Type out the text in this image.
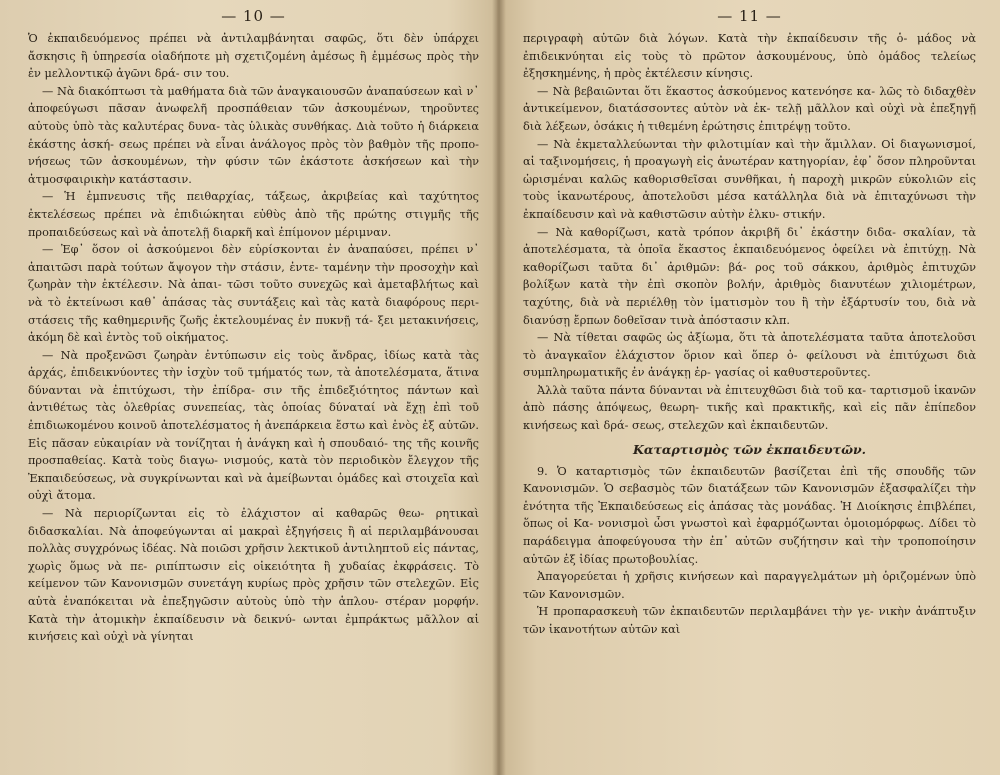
— 10 —

Ὁ ἐκπαιδευόμενος πρέπει νὰ ἀντιλαμβάνηται σαφῶς, ὅτι δὲν ὑπάρχει ἄσκησις ἢ ὑπηρεσία οἱαδήποτε μὴ σχετιζομένη ἀμέσως ἢ ἐμμέσως πρὸς τὴν ἐν μελλοντικῷ ἀγῶνι δρά- σιν του.

— Νὰ διακόπτωσι τὰ μαθήματα διὰ τῶν ἀναγκαιουσῶν ἀναπαύσεων καὶ ν᾿ ἀποφεύγωσι πᾶσαν ἀνωφελῆ προσπάθειαν τῶν ἀσκουμένων, τηροῦντες αὐτοὺς ὑπὸ τὰς καλυτέρας δυνα- τὰς ὑλικὰς συνθήκας. Διὰ τοῦτο ἡ διάρκεια ἑκάστης ἀσκή- σεως πρέπει νὰ εἶναι ἀνάλογος πρὸς τὸν βαθμὸν τῆς προπο- νήσεως τῶν ἀσκουμένων, τὴν φύσιν τῶν ἑκάστοτε ἀσκήσεων καὶ τὴν ἀτμοσφαιρικὴν κατάστασιν.

— Ἡ ἐμπνευσις τῆς πειθαρχίας, τάξεως, ἀκριβείας καὶ ταχύτητος ἐκτελέσεως πρέπει νὰ ἐπιδιώκηται εὐθὺς ἀπὸ τῆς πρώτης στιγμῆς τῆς προπαιδεύσεως καὶ νὰ ἀποτελῇ διαρκῆ καὶ ἐπίμονον μέριμναν.

— Ἐφ᾿ ὅσον οἱ ἀσκούμενοι δὲν εὑρίσκονται ἐν ἀναπαύσει, πρέπει ν᾿ ἀπαιτῶσι παρὰ τούτων ἄψογον τὴν στάσιν, ἐντε- ταμένην τὴν προσοχὴν καὶ ζωηρὰν τὴν ἐκτέλεσιν. Νὰ ἀπαι- τῶσι τοῦτο συνεχῶς καὶ ἀμεταβλήτως καὶ νὰ τὸ ἐκτείνωσι καθ᾿ ἁπάσας τὰς συντάξεις καὶ τὰς κατὰ διαφόρους περι- στάσεις τῆς καθημερινῆς ζωῆς ἐκτελουμένας ἐν πυκνῇ τά- ξει μετακινήσεις, ἀκόμη δὲ καὶ ἐντὸς τοῦ οἰκήματος.

— Νὰ προξενῶσι ζωηρὰν ἐντύπωσιν εἰς τοὺς ἄνδρας, ἰδίως κατὰ τὰς ἀρχάς, ἐπιδεικνύοντες τὴν ἰσχὺν τοῦ τμήματός των, τὰ ἀποτελέσματα, ἅτινα δύνανται νὰ ἐπιτύχωσι, τὴν ἐπίδρα- σιν τῆς ἐπιδεξιότητος πάντων καὶ ἀντιθέτως τὰς ὀλεθρίας συνεπείας, τὰς ὁποίας δύναταί νὰ ἔχῃ ἐπὶ τοῦ ἐπιδιωκομένου κοινοῦ ἀποτελέσματος ἡ ἀνεπάρκεια ἔστω καὶ ἑνὸς ἐξ αὐτῶν. Εἰς πᾶσαν εὐκαιρίαν νὰ τονίζηται ἡ ἀνάγκη καὶ ἡ σπουδαιό- της τῆς κοινῆς προσπαθείας. Κατὰ τοὺς διαγω- νισμούς, κατὰ τὸν περιοδικὸν ἔλεγχον τῆς Ἐκπαιδεύσεως, νὰ συγκρίνωνται καὶ νὰ ἀμείβωνται ὁμάδες καὶ στοιχεῖα καὶ οὐχὶ ἄτομα.

— Νὰ περιορίζωνται εἰς τὸ ἐλάχιστον αἱ καθαρῶς θεω- ρητικαὶ διδασκαλίαι. Νὰ ἀποφεύγωνται αἱ μακραὶ ἐξηγήσεις ἢ αἱ περιλαμβάνουσαι πολλὰς συγχρόνως ἰδέας. Νὰ ποιῶσι χρῆσιν λεκτικοῦ ἀντιληπτοῦ εἰς πάντας, χωρὶς ὅμως νὰ πε- ριπίπτωσιν εἰς οἰκειότητα ἢ χυδαίας ἐκφράσεις. Τὸ κείμενον τῶν Κανονισμῶν συνετάγη κυρίως πρὸς χρῆσιν τῶν στελεχῶν. Εἰς αὐτὰ ἐναπόκειται νὰ ἐπεξηγῶσιν αὐτοὺς ὑπὸ τὴν ἁπλου- στέραν μορφήν. Κατὰ τὴν ἀτομικὴν ἐκπαίδευσιν νὰ δεικνύ- ωνται ἐμπράκτως μᾶλλον αἱ κινήσεις καὶ οὐχὶ νὰ γίνηται

— 11 —

περιγραφὴ αὐτῶν διὰ λόγων. Κατὰ τὴν ἐκπαίδευσιν τῆς ὁ- μάδος νὰ ἐπιδεικνύηται εἰς τοὺς τὸ πρῶτον ἀσκουμένους, ὑπὸ ὁμάδος τελείως ἐξησκημένης, ἡ πρὸς ἐκτέλεσιν κίνησις.

— Νὰ βεβαιῶνται ὅτι ἕκαστος ἀσκούμενος κατενόησε κα- λῶς τὸ διδαχθὲν ἀντικείμενον, διατάσσοντες αὐτὸν νὰ ἐκ- τελῇ μᾶλλον καὶ οὐχὶ νὰ ἐπεξηγῇ διὰ λέξεων, ὁσάκις ἡ τιθεμένη ἐρώτησις ἐπιτρέψῃ τοῦτο.

— Νὰ ἐκμεταλλεύωνται τὴν φιλοτιμίαν καὶ τὴν ἅμιλλαν. Οἱ διαγωνισμοί, αἱ ταξινομήσεις, ἡ προαγωγὴ εἰς ἀνωτέραν κατηγορίαν, ἐφ᾿ ὅσον πληροῦνται ὡρισμέναι καλῶς καθορισθεῖσαι συνθῆκαι, ἡ παροχὴ μικρῶν εὐκολιῶν εἰς τοὺς ἱκανωτέρους, ἀποτελοῦσι μέσα κατάλληλα διὰ νὰ ἐπιταχύνωσι τὴν ἐκπαίδευσιν καὶ νὰ καθιστῶσιν αὐτὴν ἑλκυ- στικήν.

— Νὰ καθορίζωσι, κατὰ τρόπον ἀκριβῆ δι᾿ ἑκάστην διδα- σκαλίαν, τὰ ἀποτελέσματα, τὰ ὁποῖα ἕκαστος ἐκπαιδευόμενος ὀφείλει νὰ ἐπιτύχῃ. Νὰ καθορίζωσι ταῦτα δι᾿ ἀριθμῶν: βά- ρος τοῦ σάκκου, ἀριθμὸς ἐπιτυχῶν βολίξων κατὰ τὴν ἐπὶ σκοπὸν βολήν, ἀριθμὸς διανυτέων χιλιομέτρων, ταχύτης, διὰ νὰ περιέλθῃ τὸν ἱματισμὸν του ἢ τὴν ἐξάρτυσίν του, διὰ νὰ διανύσῃ ἔρπων δοθεῖσαν τινὰ ἀπόστασιν κλπ.

— Νὰ τίθεται σαφῶς ὡς ἀξίωμα, ὅτι τὰ ἀποτελέσματα ταῦτα ἀποτελοῦσι τὸ ἀναγκαῖον ἐλάχιστον ὅριον καὶ ὅπερ ὀ- φείλουσι νὰ ἐπιτύχωσι διὰ συμπληρωματικῆς ἐν ἀνάγκῃ ἐρ- γασίας οἱ καθυστεροῦντες.

Ἀλλὰ ταῦτα πάντα δύνανται νὰ ἐπιτευχθῶσι διὰ τοῦ κα- ταρτισμοῦ ἱκανῶν ἀπὸ πάσης ἀπόψεως, θεωρη- τικῆς καὶ πρακτικῆς, καὶ εἰς πᾶν ἐπίπεδον κινήσεως καὶ δρά- σεως, στελεχῶν καὶ ἐκπαιδευτῶν.

Καταρτισμὸς τῶν ἐκπαιδευτῶν.

9. Ὁ καταρτισμὸς τῶν ἐκπαιδευτῶν βασίζεται ἐπὶ τῆς σπουδῆς τῶν Κανονισμῶν. Ὁ σεβασμὸς τῶν διατάξεων τῶν Κανονισμῶν ἐξασφαλίζει τὴν ἑνότητα τῆς Ἐκπαιδεύσεως εἰς ἁπάσας τὰς μονάδας. Ἡ Διοίκησις ἐπιβλέπει, ὅπως οἱ Κα- νονισμοὶ ὦσι γνωστοὶ καὶ ἐφαρμόζωνται ὁμοιομόρφως. Δίδει τὸ παράδειγμα ἀποφεύγουσα τὴν ἐπ᾿ αὐτῶν συζήτησιν καὶ τὴν τροποποίησιν αὐτῶν ἐξ ἰδίας πρωτοβουλίας.

Ἀπαγορεύεται ἡ χρῆσις κινήσεων καὶ παραγγελμάτων μὴ ὁριζομένων ὑπὸ τῶν Κανονισμῶν.

Ἡ προπαρασκευὴ τῶν ἐκπαιδευτῶν περιλαμβάνει τὴν γε- νικὴν ἀνάπτυξιν τῶν ἱκανοτήτων αὐτῶν καὶ
